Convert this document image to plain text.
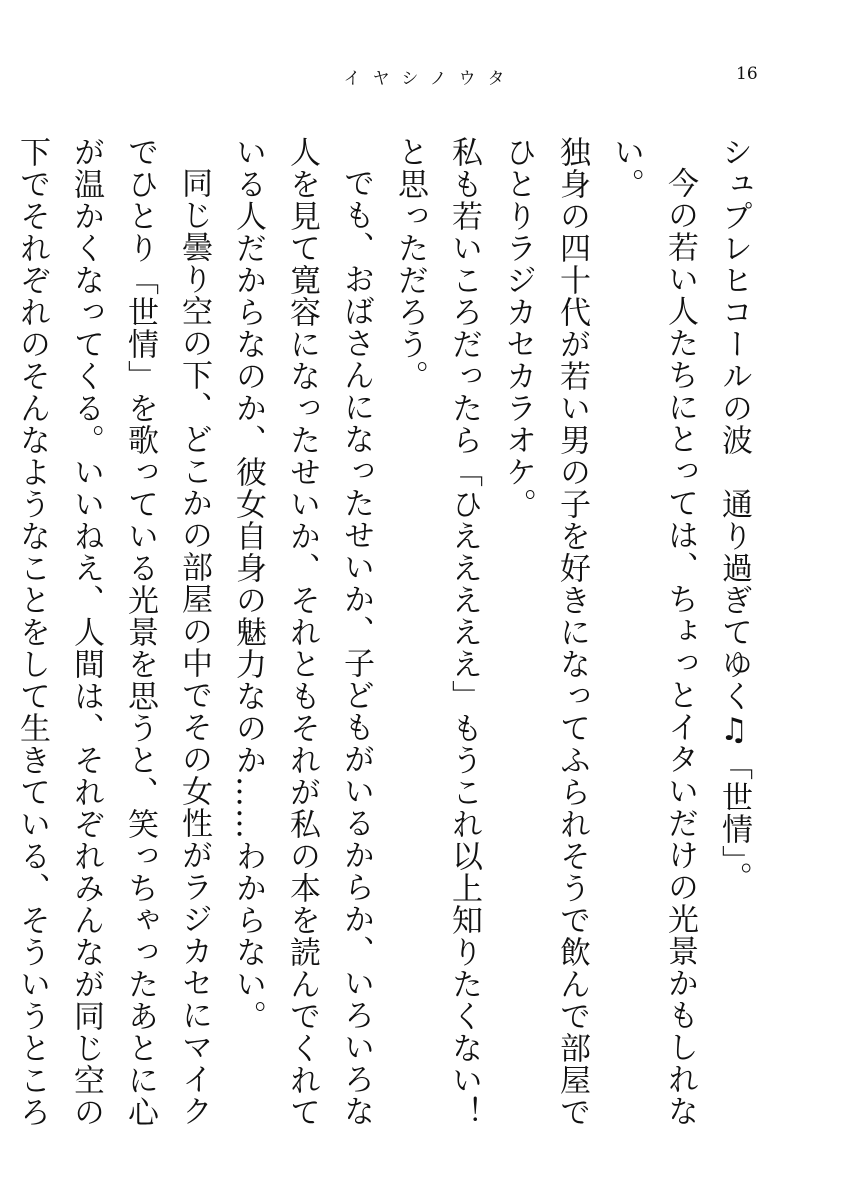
イヤシノウタ	16

シュプレヒコールの波　通り過ぎてゆく♫「世情」。

今の若い人たちにとっては、ちょっとイタいだけの光景かもしれない。

独身の四十代が若い男の子を好きになってふられそうで飲んで部屋でひとりラジカセカラオケ。

私も若いころだったら「ひえええええ」もうこれ以上知りたくない！　と思っただろう。

でも、おばさんになったせいか、子どもがいるからか、いろいろな人を見て寛容になったせいか、それともそれが私の本を読んでくれている人だからなのか、彼女自身の魅力なのか……わからない。

同じ曇り空の下、どこかの部屋の中でその女性がラジカセにマイクでひとり「世情」を歌っている光景を思うと、笑っちゃったあとに心が温かくなってくる。いいねえ、人間は、それぞれみんなが同じ空の下でそれぞれのそんなようなことをして生きている、そういうところ
